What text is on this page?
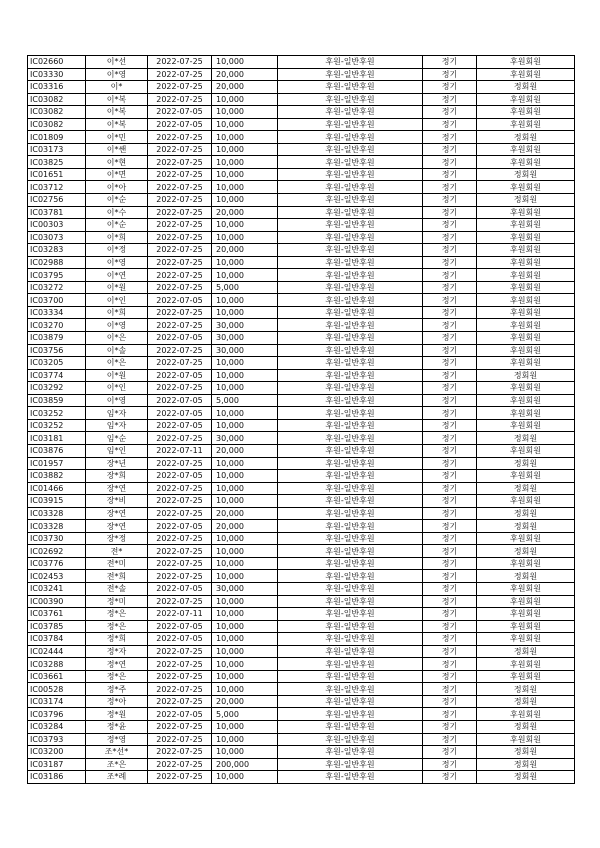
IC02660	이*선	2022-07-25	10,000	후원-일반후원	정기	후원회원
IC03330	이*영	2022-07-25	20,000	후원-일반후원	정기	후원회원
IC03316	이*	2022-07-25	20,000	후원-일반후원	정기	정회원
IC03082	이*복	2022-07-25	10,000	후원-일반후원	정기	후원회원
IC03082	이*복	2022-07-05	10,000	후원-일반후원	정기	후원회원
IC03082	이*복	2022-07-05	10,000	후원-일반후원	정기	후원회원
IC01809	이*민	2022-07-25	10,000	후원-일반후원	정기	정회원
IC03173	이*쌘	2022-07-25	10,000	후원-일반후원	정기	후원회원
IC03825	이*현	2022-07-25	10,000	후원-일반후원	정기	후원회원
IC01651	이*면	2022-07-25	10,000	후원-일반후원	정기	정회원
IC03712	이*아	2022-07-25	10,000	후원-일반후원	정기	후원회원
IC02756	이*순	2022-07-25	10,000	후원-일반후원	정기	정회원
IC03781	이*수	2022-07-25	20,000	후원-일반후원	정기	후원회원
IC00303	이*순	2022-07-25	10,000	후원-일반후원	정기	후원회원
IC03073	이*희	2022-07-25	10,000	후원-일반후원	정기	후원회원
IC03283	이*정	2022-07-25	20,000	후원-일반후원	정기	후원회원
IC02988	이*영	2022-07-25	10,000	후원-일반후원	정기	후원회원
IC03795	이*연	2022-07-25	10,000	후원-일반후원	정기	후원회원
IC03272	이*원	2022-07-25	5,000	후원-일반후원	정기	후원회원
IC03700	이*인	2022-07-05	10,000	후원-일반후원	정기	후원회원
IC03334	이*희	2022-07-25	10,000	후원-일반후원	정기	후원회원
IC03270	이*영	2022-07-25	30,000	후원-일반후원	정기	후원회원
IC03879	이*은	2022-07-05	30,000	후원-일반후원	정기	후원회원
IC03756	이*솔	2022-07-25	30,000	후원-일반후원	정기	후원회원
IC03205	이*은	2022-07-25	10,000	후원-일반후원	정기	후원회원
IC03774	이*원	2022-07-05	10,000	후원-일반후원	정기	정회원
IC03292	이*인	2022-07-25	10,000	후원-일반후원	정기	후원회원
IC03859	이*영	2022-07-05	5,000	후원-일반후원	정기	후원회원
IC03252	임*자	2022-07-05	10,000	후원-일반후원	정기	후원회원
IC03252	임*자	2022-07-05	10,000	후원-일반후원	정기	후원회원
IC03181	임*순	2022-07-25	30,000	후원-일반후원	정기	정회원
IC03876	임*인	2022-07-11	20,000	후원-일반후원	정기	후원회원
IC01957	장*년	2022-07-25	10,000	후원-일반후원	정기	정회원
IC03882	장*희	2022-07-05	10,000	후원-일반후원	정기	후원회원
IC01466	장*연	2022-07-25	10,000	후원-일반후원	정기	정회원
IC03915	장*비	2022-07-25	10,000	후원-일반후원	정기	후원회원
IC03328	장*연	2022-07-25	20,000	후원-일반후원	정기	정회원
IC03328	장*연	2022-07-05	20,000	후원-일반후원	정기	정회원
IC03730	장*정	2022-07-25	10,000	후원-일반후원	정기	후원회원
IC02692	전*	2022-07-25	10,000	후원-일반후원	정기	정회원
IC03776	전*미	2022-07-25	10,000	후원-일반후원	정기	후원회원
IC02453	전*희	2022-07-25	10,000	후원-일반후원	정기	정회원
IC03241	전*솔	2022-07-05	30,000	후원-일반후원	정기	후원회원
IC00390	정*미	2022-07-25	10,000	후원-일반후원	정기	후원회원
IC03761	정*은	2022-07-11	10,000	후원-일반후원	정기	후원회원
IC03785	정*은	2022-07-05	10,000	후원-일반후원	정기	후원회원
IC03784	정*희	2022-07-05	10,000	후원-일반후원	정기	후원회원
IC02444	정*자	2022-07-25	10,000	후원-일반후원	정기	정회원
IC03288	정*연	2022-07-25	10,000	후원-일반후원	정기	후원회원
IC03661	정*은	2022-07-25	10,000	후원-일반후원	정기	후원회원
IC00528	정*주	2022-07-25	10,000	후원-일반후원	정기	정회원
IC03174	정*아	2022-07-25	20,000	후원-일반후원	정기	정회원
IC03796	정*원	2022-07-05	5,000	후원-일반후원	정기	후원회원
IC03284	정*윤	2022-07-25	10,000	후원-일반후원	정기	정회원
IC03793	정*영	2022-07-25	10,000	후원-일반후원	정기	후원회원
IC03200	조*선*	2022-07-25	10,000	후원-일반후원	정기	정회원
IC03187	조*은	2022-07-25	200,000	후원-일반후원	정기	정회원
IC03186	조*례	2022-07-25	10,000	후원-일반후원	정기	정회원
